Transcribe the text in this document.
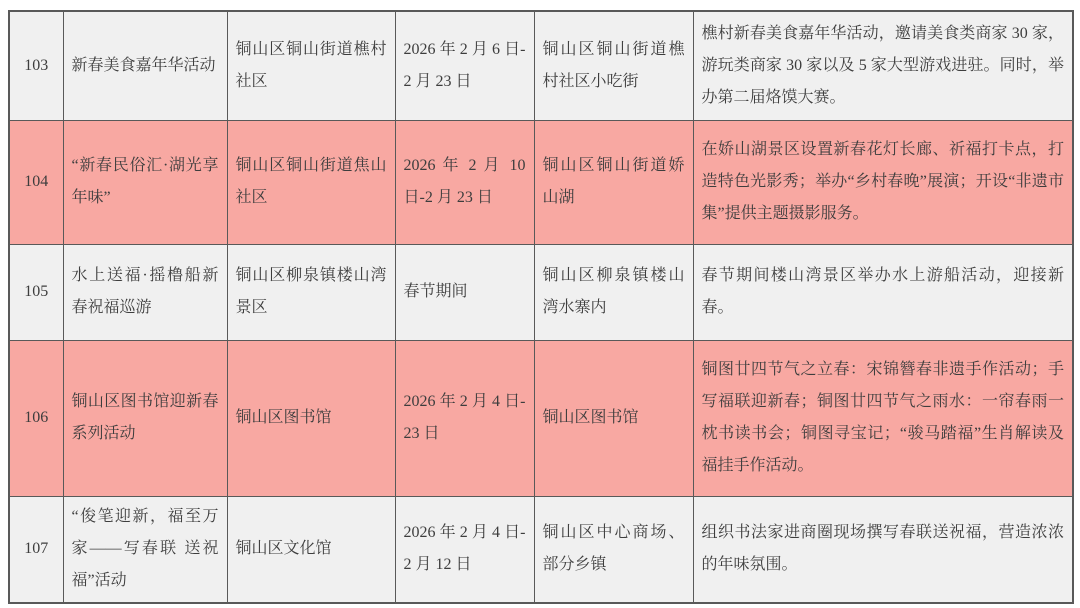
103	新春美食嘉年华活动	铜山区铜山街道樵村社区	2026 年 2 月 6 日-2 月 23 日	铜山区铜山街道樵村社区小吃街	樵村新春美食嘉年华活动，邀请美食类商家 30 家，游玩类商家 30 家以及 5 家大型游戏进驻。同时，举办第二届烙馍大赛。
104	“新春民俗汇·湖光享年味”	铜山区铜山街道焦山社区	2026 年 2 月 10 日-2 月 23 日	铜山区铜山街道娇山湖	在娇山湖景区设置新春花灯长廊、祈福打卡点，打造特色光影秀；举办“乡村春晚”展演；开设“非遗市集”提供主题摄影服务。
105	水上送福·摇橹船新春祝福巡游	铜山区柳泉镇楼山湾景区	春节期间	铜山区柳泉镇楼山湾水寨内	春节期间楼山湾景区举办水上游船活动，迎接新春。
106	铜山区图书馆迎新春系列活动	铜山区图书馆	2026 年 2 月 4 日-23 日	铜山区图书馆	铜图廿四节气之立春：宋锦簪春非遗手作活动；手写福联迎新春；铜图廿四节气之雨水：一帘春雨一枕书读书会；铜图寻宝记；“骏马踏福”生肖解读及福挂手作活动。
107	“俊笔迎新，福至万家——写春联 送祝福”活动	铜山区文化馆	2026 年 2 月 4 日-2 月 12 日	铜山区中心商场、部分乡镇	组织书法家进商圈现场撰写春联送祝福，营造浓浓的年味氛围。
